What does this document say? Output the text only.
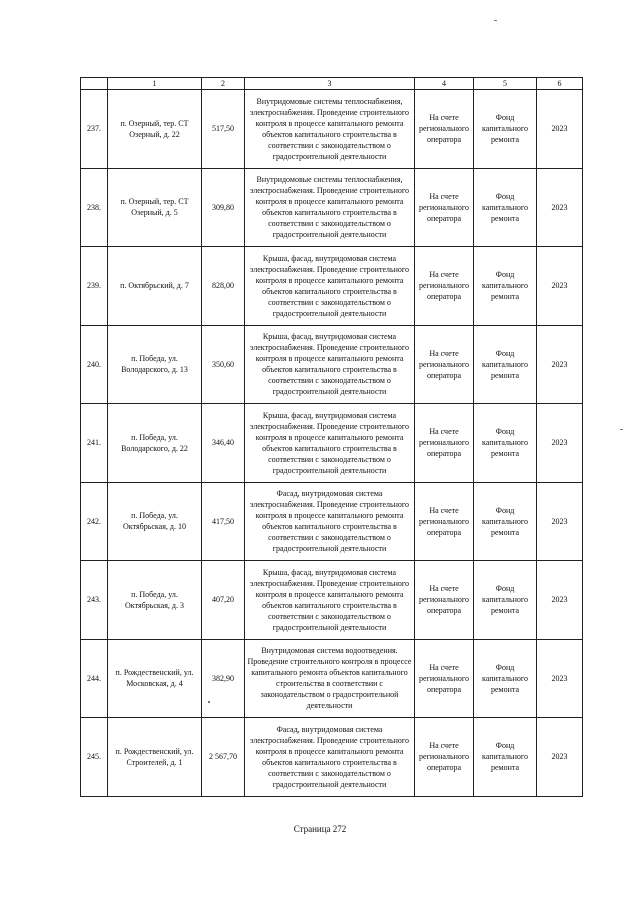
	1	2	3	4	5	6
237.	п. Озерный, тер. СТ Озерный, д. 22	517,50	Внутридомовые системы теплоснабжения, электроснабжения. Проведение строительного контроля в процессе капитального ремонта объектов капитального строительства в соответствии с законодательством о градостроительной деятельности	На счете регионального оператора	Фонд капитального ремонта	2023
238.	п. Озерный, тер. СТ Озерный, д. 5	309,80	Внутридомовые системы теплоснабжения, электроснабжения. Проведение строительного контроля в процессе капитального ремонта объектов капитального строительства в соответствии с законодательством о градостроительной деятельности	На счете регионального оператора	Фонд капитального ремонта	2023
239.	п. Октябрьский, д. 7	828,00	Крыша, фасад, внутридомовая система электроснабжения. Проведение строительного контроля в процессе капитального ремонта объектов капитального строительства в соответствии с законодательством о градостроительной деятельности	На счете регионального оператора	Фонд капитального ремонта	2023
240.	п. Победа, ул. Володарского, д. 13	350,60	Крыша, фасад, внутридомовая система электроснабжения. Проведение строительного контроля в процессе капитального ремонта объектов капитального строительства в соответствии с законодательством о градостроительной деятельности	На счете регионального оператора	Фонд капитального ремонта	2023
241.	п. Победа, ул. Володарского, д. 22	346,40	Крыша, фасад, внутридомовая система электроснабжения. Проведение строительного контроля в процессе капитального ремонта объектов капитального строительства в соответствии с законодательством о градостроительной деятельности	На счете регионального оператора	Фонд капитального ремонта	2023
242.	п. Победа, ул. Октябрьская, д. 10	417,50	Фасад, внутридомовая система электроснабжения. Проведение строительного контроля в процессе капитального ремонта объектов капитального строительства в соответствии с законодательством о градостроительной деятельности	На счете регионального оператора	Фонд капитального ремонта	2023
243.	п. Победа, ул. Октябрьская, д. 3	407,20	Крыша, фасад, внутридомовая система электроснабжения. Проведение строительного контроля в процессе капитального ремонта объектов капитального строительства в соответствии с законодательством о градостроительной деятельности	На счете регионального оператора	Фонд капитального ремонта	2023
244.	п. Рождественский, ул. Московская, д. 4	382,90	Внутридомовая система водоотведения. Проведение строительного контроля в процессе капитального ремонта объектов капитального строительства в соответствии с законодательством о градостроительной деятельности	На счете регионального оператора	Фонд капитального ремонта	2023
245.	п. Рождественский, ул. Строителей, д. 1	2 567,70	Фасад, внутридомовая система электроснабжения. Проведение строительного контроля в процессе капитального ремонта объектов капитального строительства в соответствии с законодательством о градостроительной деятельности	На счете регионального оператора	Фонд капитального ремонта	2023
Страница 272
